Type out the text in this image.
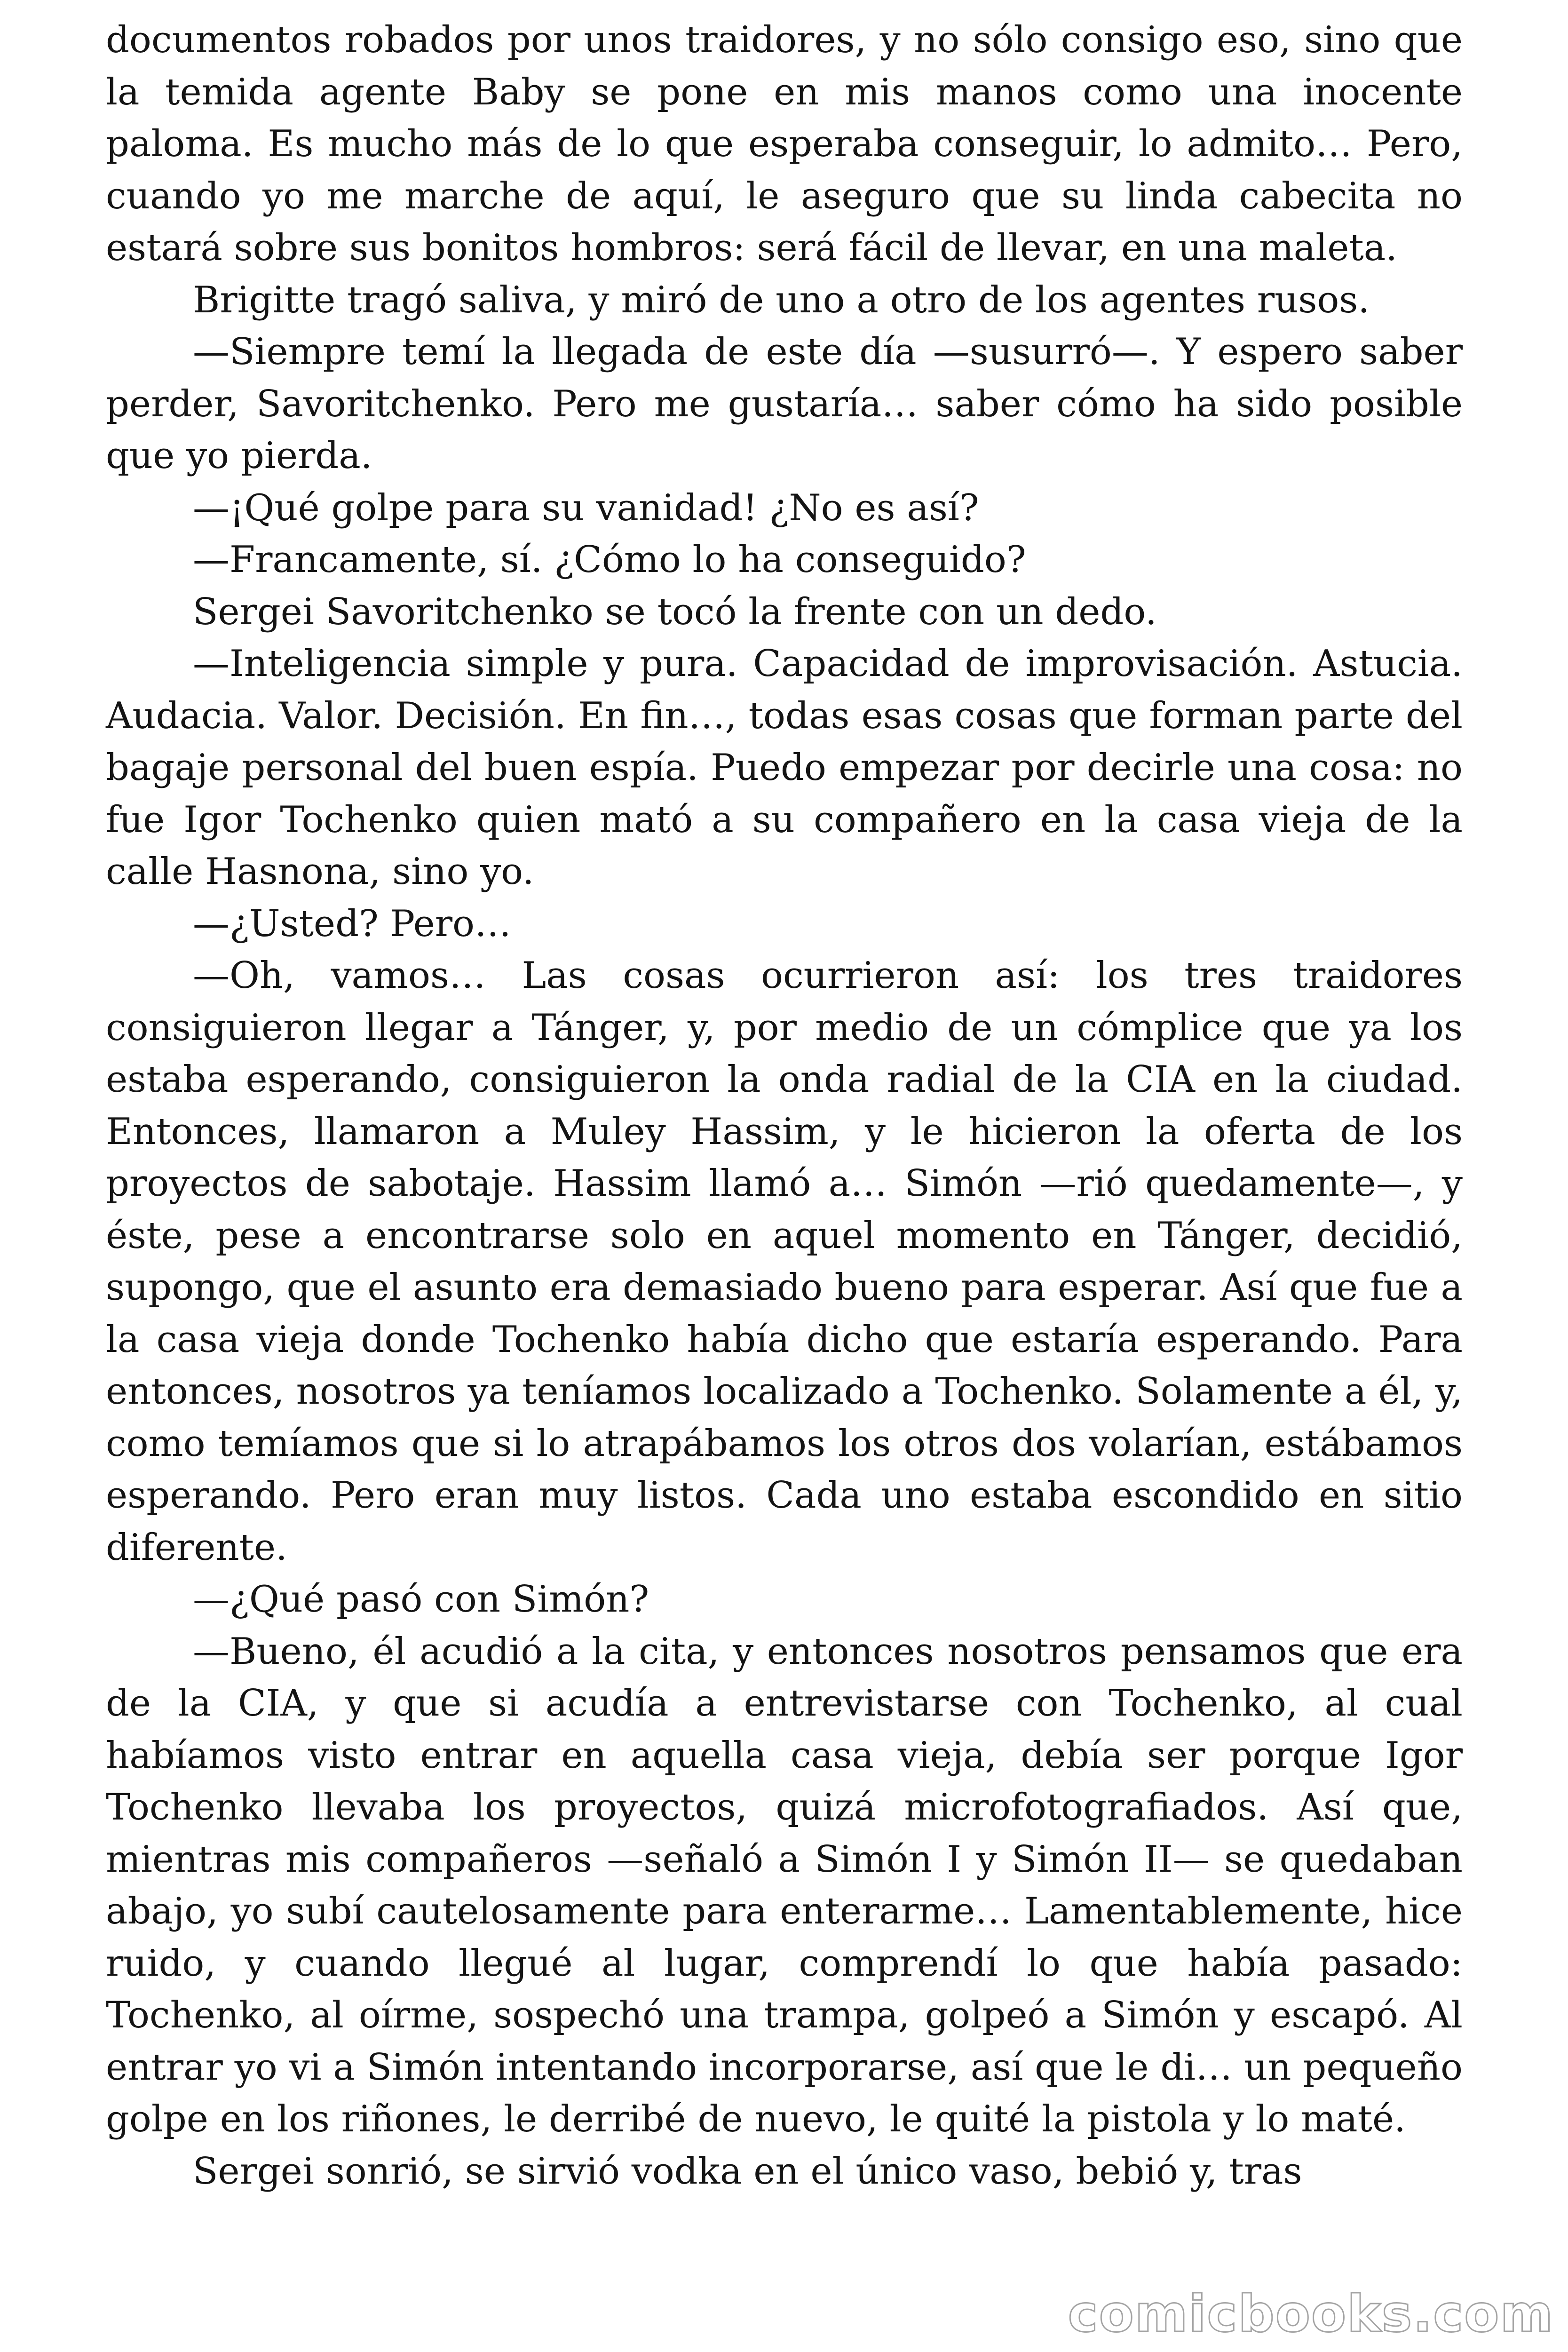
documentos robados por unos traidores, y no sólo consigo eso, sino que la temida agente Baby se pone en mis manos como una inocente paloma. Es mucho más de lo que esperaba conseguir, lo admito… Pero, cuando yo me marche de aquí, le aseguro que su linda cabecita no estará sobre sus bonitos hombros: será fácil de llevar, en una maleta.

Brigitte tragó saliva, y miró de uno a otro de los agentes rusos.

—Siempre temí la llegada de este día —susurró—. Y espero saber perder, Savoritchenko. Pero me gustaría… saber cómo ha sido posible que yo pierda.

—¡Qué golpe para su vanidad! ¿No es así?

—Francamente, sí. ¿Cómo lo ha conseguido?

Sergei Savoritchenko se tocó la frente con un dedo.

—Inteligencia simple y pura. Capacidad de improvisación. Astucia. Audacia. Valor. Decisión. En fin…, todas esas cosas que forman parte del bagaje personal del buen espía. Puedo empezar por decirle una cosa: no fue Igor Tochenko quien mató a su compañero en la casa vieja de la calle Hasnona, sino yo.

—¿Usted? Pero…

—Oh, vamos… Las cosas ocurrieron así: los tres traidores consiguieron llegar a Tánger, y, por medio de un cómplice que ya los estaba esperando, consiguieron la onda radial de la CIA en la ciudad. Entonces, llamaron a Muley Hassim, y le hicieron la oferta de los proyectos de sabotaje. Hassim llamó a… Simón —rió quedamente—, y éste, pese a encontrarse solo en aquel momento en Tánger, decidió, supongo, que el asunto era demasiado bueno para esperar. Así que fue a la casa vieja donde Tochenko había dicho que estaría esperando. Para entonces, nosotros ya teníamos localizado a Tochenko. Solamente a él, y, como temíamos que si lo atrapábamos los otros dos volarían, estábamos esperando. Pero eran muy listos. Cada uno estaba escondido en sitio diferente.

—¿Qué pasó con Simón?

—Bueno, él acudió a la cita, y entonces nosotros pensamos que era de la CIA, y que si acudía a entrevistarse con Tochenko, al cual habíamos visto entrar en aquella casa vieja, debía ser porque Igor Tochenko llevaba los proyectos, quizá microfotografiados. Así que, mientras mis compañeros —señaló a Simón I y Simón II— se quedaban abajo, yo subí cautelosamente para enterarme… Lamentablemente, hice ruido, y cuando llegué al lugar, comprendí lo que había pasado: Tochenko, al oírme, sospechó una trampa, golpeó a Simón y escapó. Al entrar yo vi a Simón intentando incorporarse, así que le di… un pequeño golpe en los riñones, le derribé de nuevo, le quité la pistola y lo maté.

Sergei sonrió, se sirvió vodka en el único vaso, bebió y, tras

comicbooks.com
